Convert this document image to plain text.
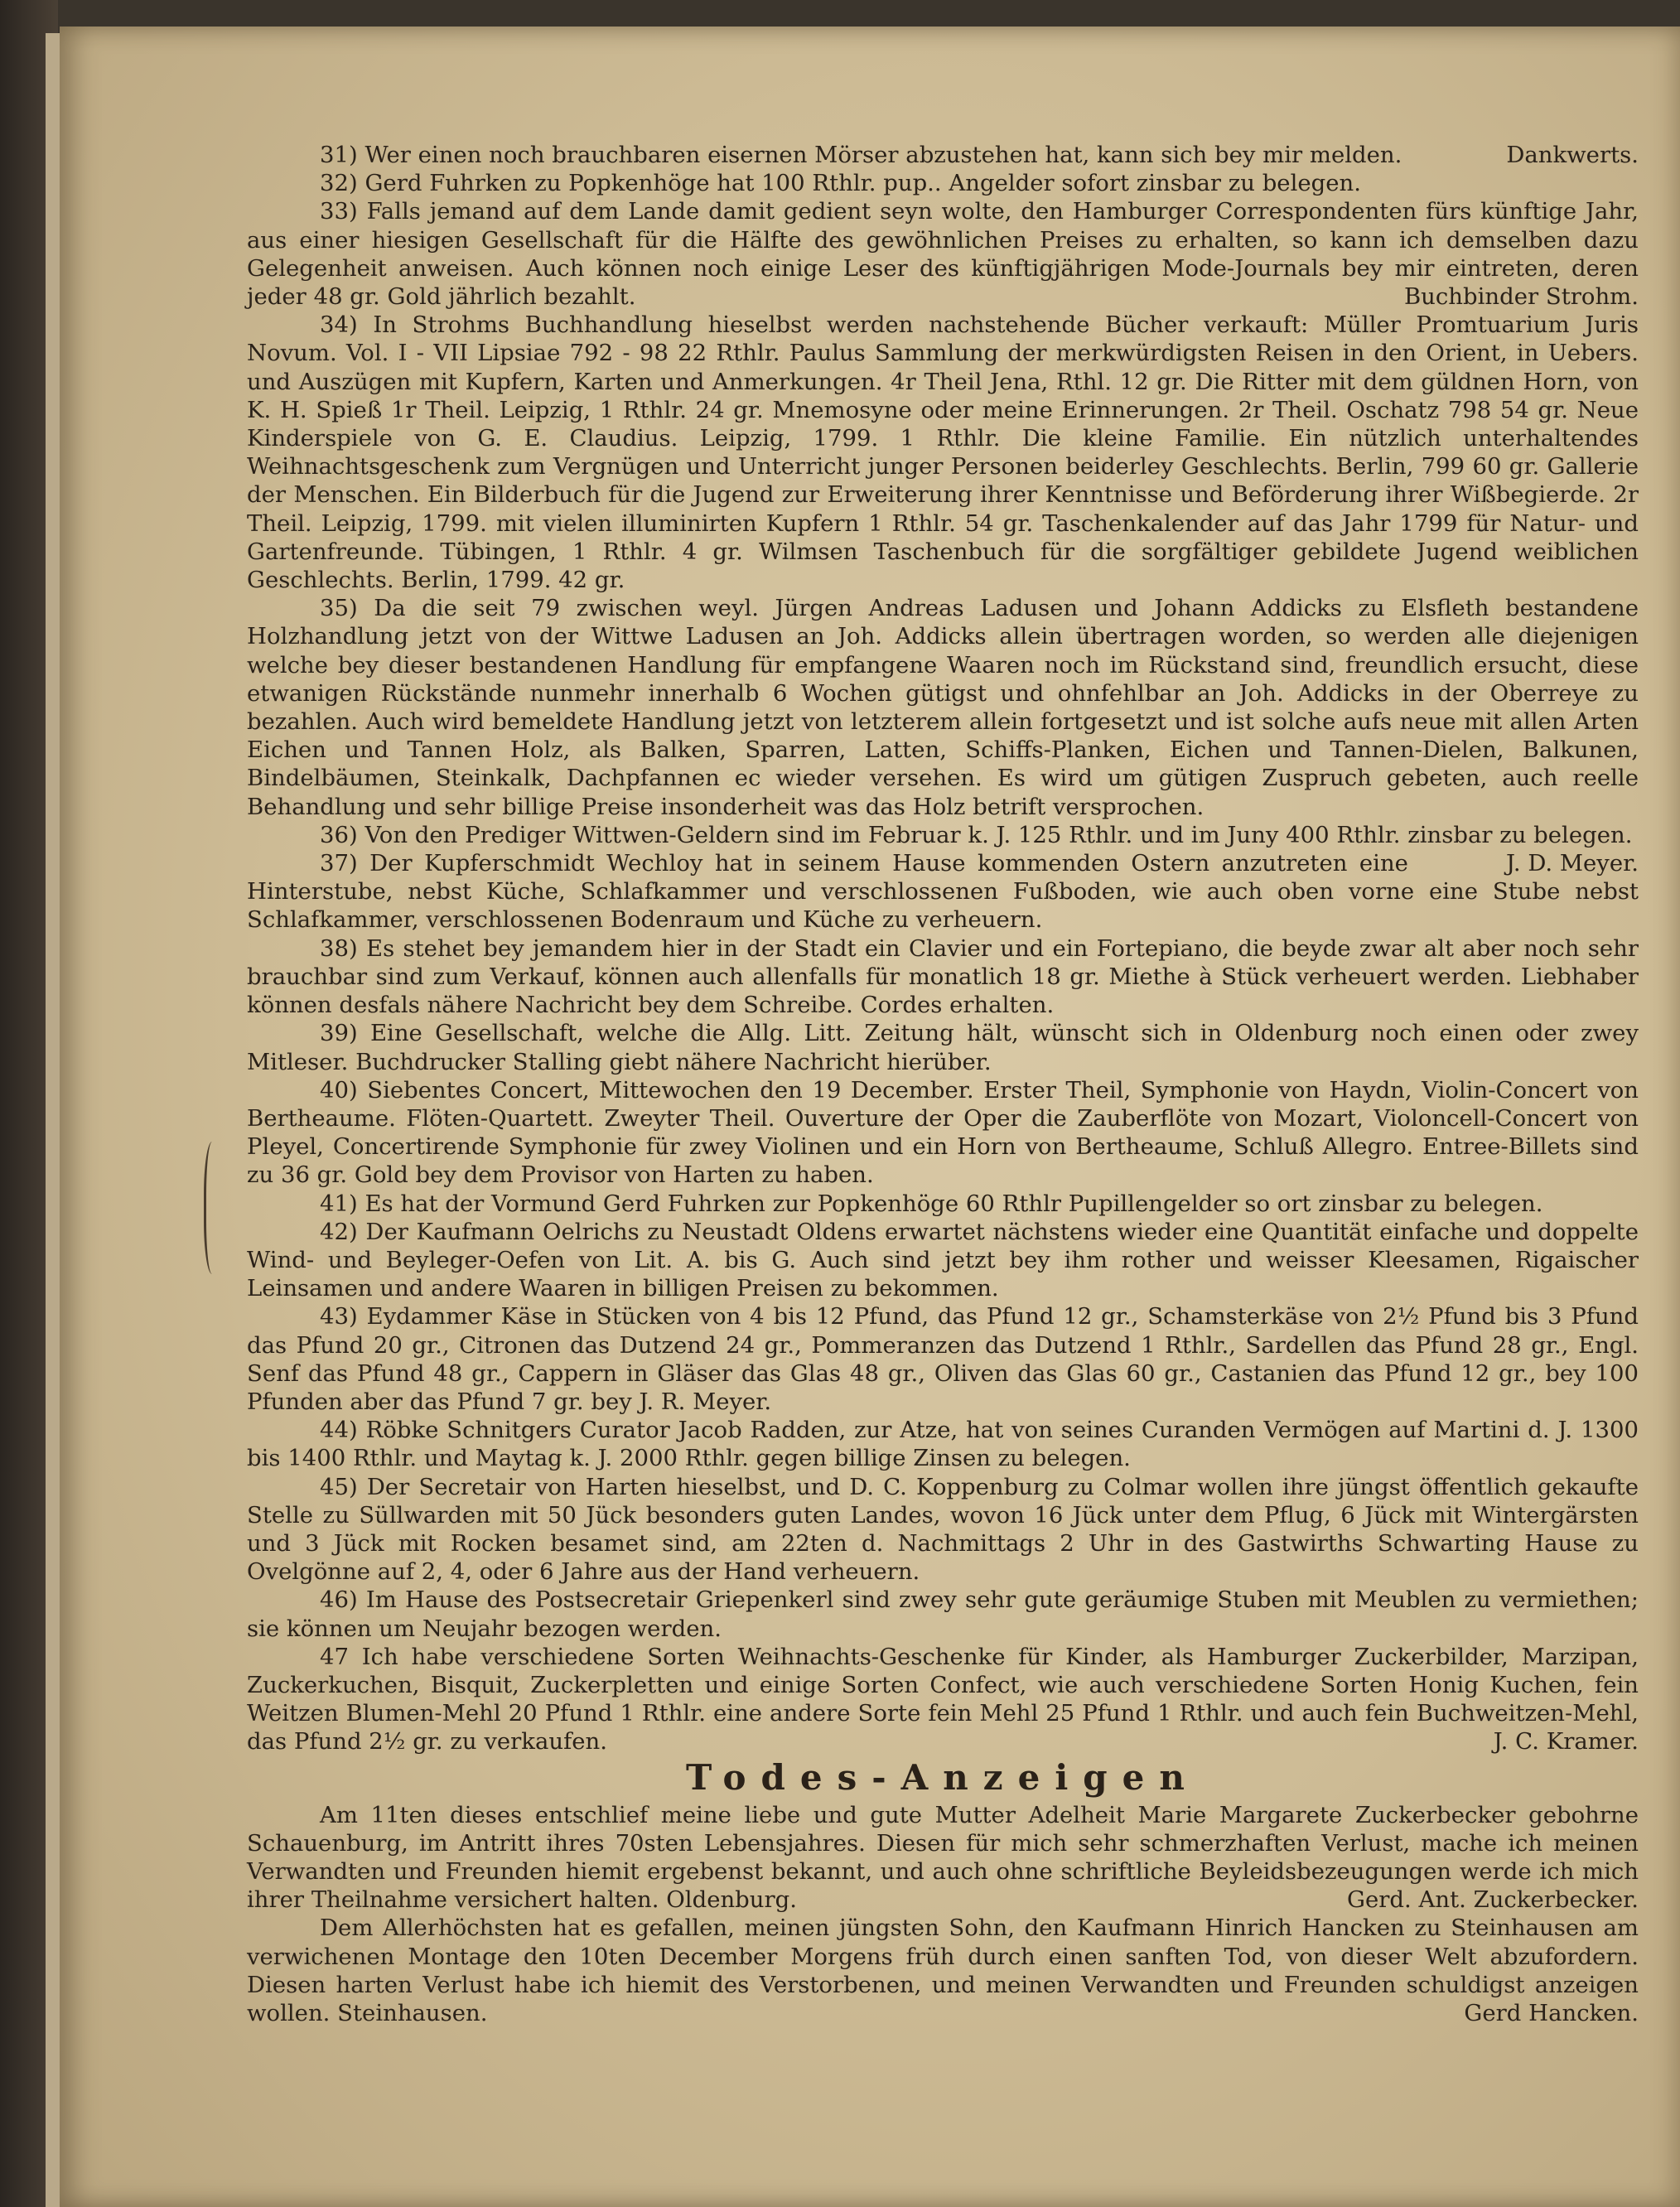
Dankwerts.
31) Wer einen noch brauchbaren eisernen Mörser abzustehen hat, kann sich bey mir melden.

32) Gerd Fuhrken zu Popkenhöge hat 100 Rthlr. pup.. Angelder sofort zinsbar zu belegen.

33) Falls jemand auf dem Lande damit gedient seyn wolte, den Hamburger Correspondenten fürs künftige Jahr, aus einer hiesigen Gesellschaft für die Hälfte des gewöhnlichen Preises zu erhalten, so kann ich demselben dazu Gelegenheit anweisen. Auch können noch einige Leser des künftigjährigen Mode-Journals bey mir eintreten, deren jeder 48 gr. Gold jährlich bezahlt.	Buchbinder Strohm.

34) In Strohms Buchhandlung hieselbst werden nachstehende Bücher verkauft: Müller Promtuarium Juris Novum. Vol. I - VII Lipsiae 792 - 98 22 Rthlr. Paulus Sammlung der merkwürdigsten Reisen in den Orient, in Uebers. und Auszügen mit Kupfern, Karten und Anmerkungen. 4r Theil Jena, Rthl. 12 gr. Die Ritter mit dem güldnen Horn, von K. H. Spieß 1r Theil. Leipzig, 1 Rthlr. 24 gr. Mnemosyne oder meine Erinnerungen. 2r Theil. Oschatz 798 54 gr. Neue Kinderspiele von G. E. Claudius. Leipzig, 1799. 1 Rthlr. Die kleine Familie. Ein nützlich unterhaltendes Weihnachtsgeschenk zum Vergnügen und Unterricht junger Personen beiderley Geschlechts. Berlin, 799 60 gr. Gallerie der Menschen. Ein Bilderbuch für die Jugend zur Erweiterung ihrer Kenntnisse und Beförderung ihrer Wißbegierde. 2r Theil. Leipzig, 1799. mit vielen illuminirten Kupfern 1 Rthlr. 54 gr. Taschenkalender auf das Jahr 1799 für Natur- und Gartenfreunde. Tübingen, 1 Rthlr. 4 gr. Wilmsen Taschenbuch für die sorgfältiger gebildete Jugend weiblichen Geschlechts. Berlin, 1799. 42 gr.

35) Da die seit 79 zwischen weyl. Jürgen Andreas Ladusen und Johann Addicks zu Elsfleth bestandene Holzhandlung jetzt von der Wittwe Ladusen an Joh. Addicks allein übertragen worden, so werden alle diejenigen welche bey dieser bestandenen Handlung für empfangene Waaren noch im Rückstand sind, freundlich ersucht, diese etwanigen Rückstände nunmehr innerhalb 6 Wochen gütigst und ohnfehlbar an Joh. Addicks in der Oberreye zu bezahlen. Auch wird bemeldete Handlung jetzt von letzterem allein fortgesetzt und ist solche aufs neue mit allen Arten Eichen und Tannen Holz, als Balken, Sparren, Latten, Schiffs-Planken, Eichen und Tannen-Dielen, Balkunen, Bindelbäumen, Steinkalk, Dachpfannen ec wieder versehen. Es wird um gütigen Zuspruch gebeten, auch reelle Behandlung und sehr billige Preise insonderheit was das Holz betrift versprochen.

36) Von den Prediger Wittwen-Geldern sind im Februar k. J. 125 Rthlr. und im Juny 400 Rthlr. zinsbar zu belegen.
J. D. Meyer.

37) Der Kupferschmidt Wechloy hat in seinem Hause kommenden Ostern anzutreten eine Hinterstube, nebst Küche, Schlafkammer und verschlossenen Fußboden, wie auch oben vorne eine Stube nebst Schlafkammer, verschlossenen Bodenraum und Küche zu verheuern.

38) Es stehet bey jemandem hier in der Stadt ein Clavier und ein Fortepiano, die beyde zwar alt aber noch sehr brauchbar sind zum Verkauf, können auch allenfalls für monatlich 18 gr. Miethe à Stück verheuert werden. Liebhaber können desfals nähere Nachricht bey dem Schreibe. Cordes erhalten.

39) Eine Gesellschaft, welche die Allg. Litt. Zeitung hält, wünscht sich in Oldenburg noch einen oder zwey Mitleser. Buchdrucker Stalling giebt nähere Nachricht hierüber.

40) Siebentes Concert, Mittewochen den 19 December. Erster Theil, Symphonie von Haydn, Violin-Concert von Bertheaume. Flöten-Quartett. Zweyter Theil. Ouverture der Oper die Zauberflöte von Mozart, Violoncell-Concert von Pleyel, Concertirende Symphonie für zwey Violinen und ein Horn von Bertheaume, Schluß Allegro. Entree-Billets sind zu 36 gr. Gold bey dem Provisor von Harten zu haben.

41) Es hat der Vormund Gerd Fuhrken zur Popkenhöge 60 Rthlr Pupillengelder so ort zinsbar zu belegen.

42) Der Kaufmann Oelrichs zu Neustadt Oldens erwartet nächstens wieder eine Quantität einfache und doppelte Wind- und Beyleger-Oefen von Lit. A. bis G. Auch sind jetzt bey ihm rother und weisser Kleesamen, Rigaischer Leinsamen und andere Waaren in billigen Preisen zu bekommen.

43) Eydammer Käse in Stücken von 4 bis 12 Pfund, das Pfund 12 gr., Schamsterkäse von 2½ Pfund bis 3 Pfund das Pfund 20 gr., Citronen das Dutzend 24 gr., Pommeranzen das Dutzend 1 Rthlr., Sardellen das Pfund 28 gr., Engl. Senf das Pfund 48 gr., Cappern in Gläser das Glas 48 gr., Oliven das Glas 60 gr., Castanien das Pfund 12 gr., bey 100 Pfunden aber das Pfund 7 gr. bey J. R. Meyer.

44) Röbke Schnitgers Curator Jacob Radden, zur Atze, hat von seines Curanden Vermögen auf Martini d. J. 1300 bis 1400 Rthlr. und Maytag k. J. 2000 Rthlr. gegen billige Zinsen zu belegen.

45) Der Secretair von Harten hieselbst, und D. C. Koppenburg zu Colmar wollen ihre jüngst öffentlich gekaufte Stelle zu Süllwarden mit 50 Jück besonders guten Landes, wovon 16 Jück unter dem Pflug, 6 Jück mit Wintergärsten und 3 Jück mit Rocken besamet sind, am 22ten d. Nachmittags 2 Uhr in des Gastwirths Schwarting Hause zu Ovelgönne auf 2, 4, oder 6 Jahre aus der Hand verheuern.

46) Im Hause des Postsecretair Griepenkerl sind zwey sehr gute geräumige Stuben mit Meublen zu vermiethen; sie können um Neujahr bezogen werden.

47 Ich habe verschiedene Sorten Weihnachts-Geschenke für Kinder, als Hamburger Zuckerbilder, Marzipan, Zuckerkuchen, Bisquit, Zuckerpletten und einige Sorten Confect, wie auch verschiedene Sorten Honig Kuchen, fein Weitzen Blumen-Mehl 20 Pfund 1 Rthlr. eine andere Sorte fein Mehl 25 Pfund 1 Rthlr. und auch fein Buchweitzen-Mehl, das Pfund 2½ gr. zu verkaufen.	J. C. Kramer.

Todes-Anzeigen

Am 11ten dieses entschlief meine liebe und gute Mutter Adelheit Marie Margarete Zuckerbecker gebohrne Schauenburg, im Antritt ihres 70sten Lebensjahres. Diesen für mich sehr schmerzhaften Verlust, mache ich meinen Verwandten und Freunden hiemit ergebenst bekannt, und auch ohne schriftliche Beyleidsbezeugungen werde ich mich ihrer Theilnahme versichert halten. Oldenburg.	Gerd. Ant. Zuckerbecker.

Dem Allerhöchsten hat es gefallen, meinen jüngsten Sohn, den Kaufmann Hinrich Hancken zu Steinhausen am verwichenen Montage den 10ten December Morgens früh durch einen sanften Tod, von dieser Welt abzufordern. Diesen harten Verlust habe ich hiemit des Verstorbenen, und meinen Verwandten und Freunden schuldigst anzeigen wollen. Steinhausen.	Gerd Hancken.
